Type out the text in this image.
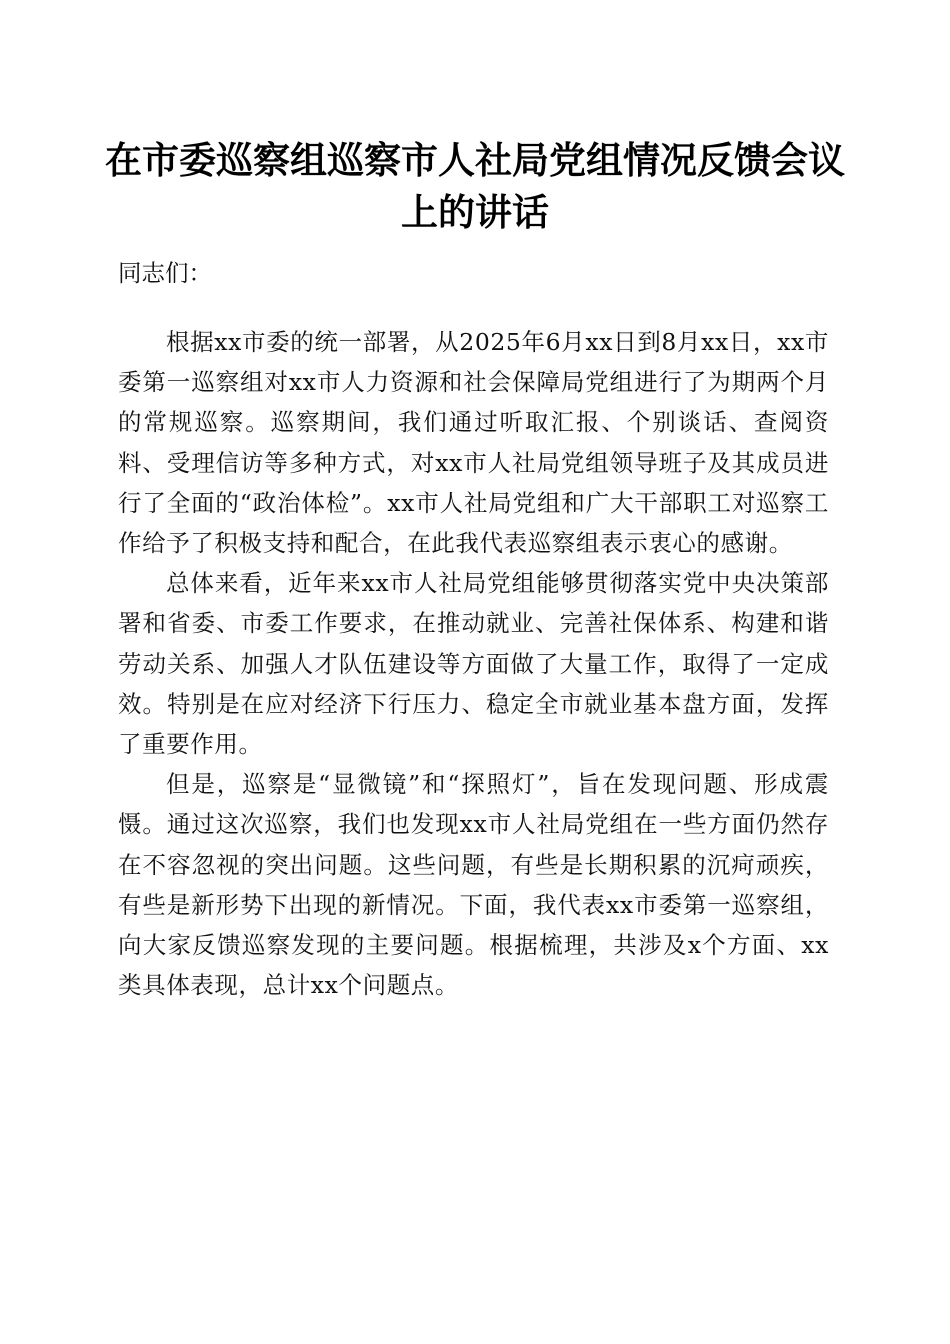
在市委巡察组巡察市人社局党组情况反馈会议
上的讲话

同志们：

根据xx市委的统一部署，从2025年6月xx日到8月xx日，xx市委第一巡察组对xx市人力资源和社会保障局党组进行了为期两个月的常规巡察。巡察期间，我们通过听取汇报、个别谈话、查阅资料、受理信访等多种方式，对xx市人社局党组领导班子及其成员进行了全面的“政治体检”。xx市人社局党组和广大干部职工对巡察工作给予了积极支持和配合，在此我代表巡察组表示衷心的感谢。

总体来看，近年来xx市人社局党组能够贯彻落实党中央决策部署和省委、市委工作要求，在推动就业、完善社保体系、构建和谐劳动关系、加强人才队伍建设等方面做了大量工作，取得了一定成效。特别是在应对经济下行压力、稳定全市就业基本盘方面，发挥了重要作用。

但是，巡察是“显微镜”和“探照灯”，旨在发现问题、形成震慑。通过这次巡察，我们也发现xx市人社局党组在一些方面仍然存在不容忽视的突出问题。这些问题，有些是长期积累的沉疴顽疾，有些是新形势下出现的新情况。下面，我代表xx市委第一巡察组，向大家反馈巡察发现的主要问题。根据梳理，共涉及x个方面、xx类具体表现，总计xx个问题点。
